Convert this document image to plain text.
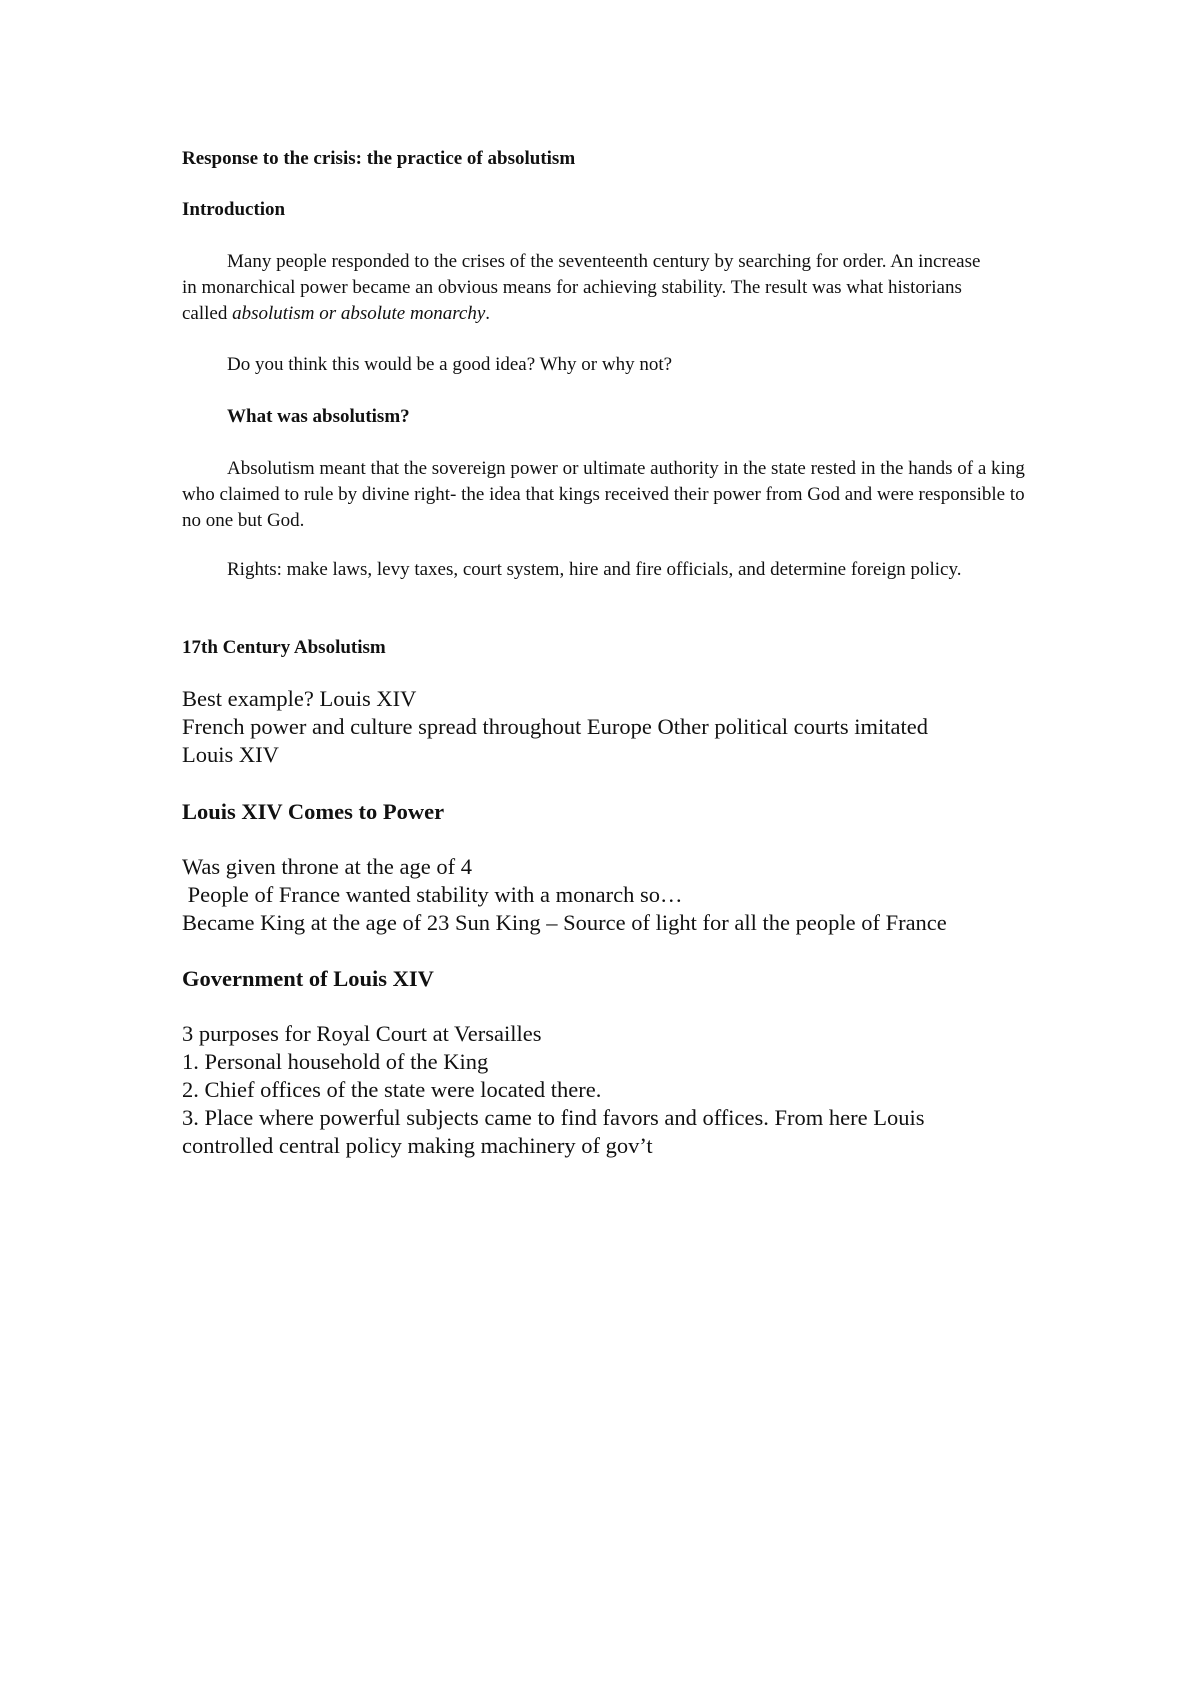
Response to the crisis: the practice of absolutism

Introduction

Many people responded to the crises of the seventeenth century by searching for order. An increase in monarchical power became an obvious means for achieving stability. The result was what historians called absolutism or absolute monarchy.

Do you think this would be a good idea? Why or why not?

What was absolutism?

Absolutism meant that the sovereign power or ultimate authority in the state rested in the hands of a king who claimed to rule by divine right- the idea that kings received their power from God and were responsible to no one but God.

Rights: make laws, levy taxes, court system, hire and fire officials, and determine foreign policy.

17th Century Absolutism

Best example? Louis XIV
French power and culture spread throughout Europe Other political courts imitated
Louis XIV

Louis XIV Comes to Power

Was given throne at the age of 4
People of France wanted stability with a monarch so…
Became King at the age of 23 Sun King – Source of light for all the people of France

Government of Louis XIV

3 purposes for Royal Court at Versailles
1. Personal household of the King
2. Chief offices of the state were located there.
3. Place where powerful subjects came to find favors and offices. From here Louis
controlled central policy making machinery of gov’t
